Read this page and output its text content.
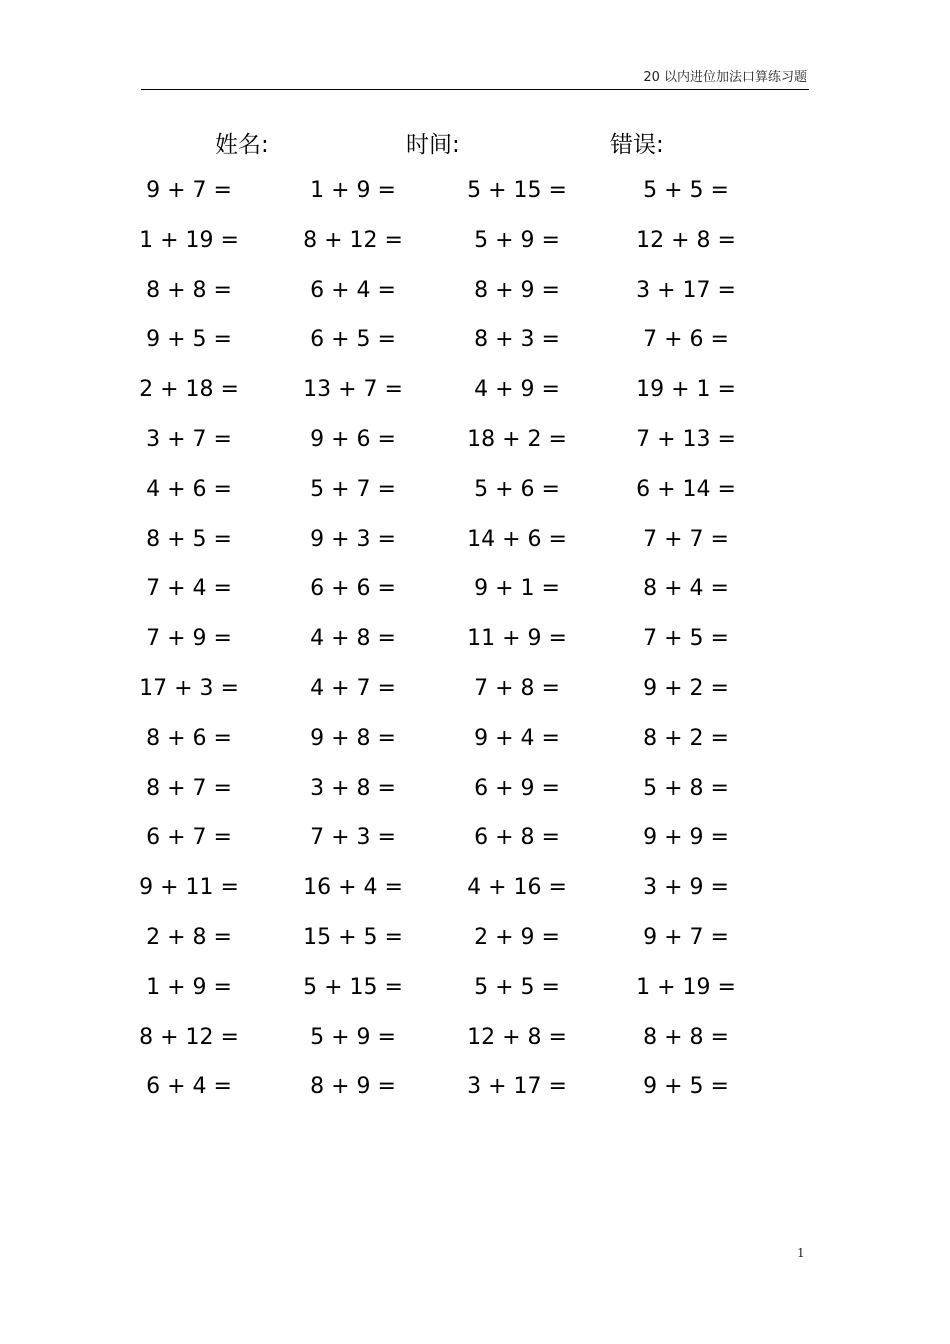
20 以内进位加法口算练习题
姓名:	时间:	错误:
9 + 7 =	1 + 9 =	5 + 15 =	5 + 5 =
1 + 19 =	8 + 12 =	5 + 9 =	12 + 8 =
8 + 8 =	6 + 4 =	8 + 9 =	3 + 17 =
9 + 5 =	6 + 5 =	8 + 3 =	7 + 6 =
2 + 18 =	13 + 7 =	4 + 9 =	19 + 1 =
3 + 7 =	9 + 6 =	18 + 2 =	7 + 13 =
4 + 6 =	5 + 7 =	5 + 6 =	6 + 14 =
8 + 5 =	9 + 3 =	14 + 6 =	7 + 7 =
7 + 4 =	6 + 6 =	9 + 1 =	8 + 4 =
7 + 9 =	4 + 8 =	11 + 9 =	7 + 5 =
17 + 3 =	4 + 7 =	7 + 8 =	9 + 2 =
8 + 6 =	9 + 8 =	9 + 4 =	8 + 2 =
8 + 7 =	3 + 8 =	6 + 9 =	5 + 8 =
6 + 7 =	7 + 3 =	6 + 8 =	9 + 9 =
9 + 11 =	16 + 4 =	4 + 16 =	3 + 9 =
2 + 8 =	15 + 5 =	2 + 9 =	9 + 7 =
1 + 9 =	5 + 15 =	5 + 5 =	1 + 19 =
8 + 12 =	5 + 9 =	12 + 8 =	8 + 8 =
6 + 4 =	8 + 9 =	3 + 17 =	9 + 5 =
1
